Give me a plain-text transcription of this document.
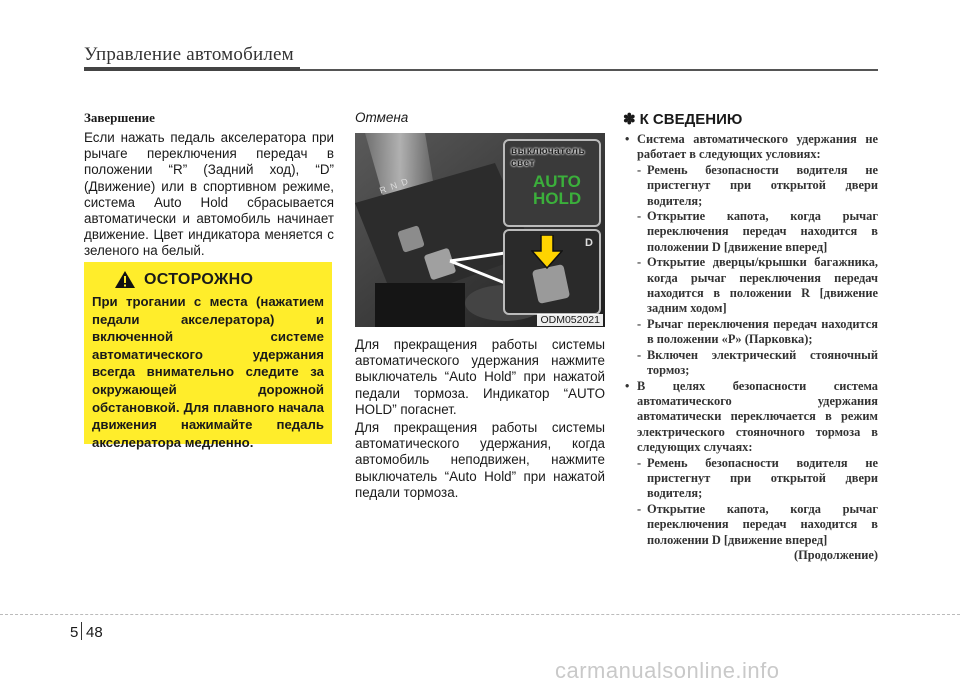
Управление автомобилем
Завершение
Если нажать педаль акселератора при рычаге переключения передач в положении “R” (Задний ход), “D” (Движение) или в спортивном режиме, система Auto Hold сбрасывается автоматически и автомобиль начинает движение. Цвет индикатора меняется с зеленого на белый.
ОСТОРОЖНО
При трогании с места (нажатием педали акселератора) и включенной системе автоматического удержания всегда внимательно следите за окружающей дорожной обстановкой. Для плавного начала движения нажимайте педаль акселератора медленно.
Отмена
R  N  D
выключатель
свет
AUTO
HOLD
D
ODM052021
Для прекращения работы системы автоматического удержания нажмите выключатель “Auto Hold” при нажатой педали тормоза. Индикатор “AUTO HOLD” погаснет.
Для прекращения работы системы автоматического удержания, когда автомобиль неподвижен, нажмите выключатель “Auto Hold” при нажатой педали тормоза.
✽ К СВЕДЕНИЮ
• Система автоматического удержания не работает в следующих условиях:
- Ремень безопасности водителя не пристегнут при открытой двери водителя;
- Открытие капота, когда рычаг переключения передач находится в положении D [движение вперед]
- Открытие дверцы/крышки багажника, когда рычаг переключения передач находится в положении R [движение задним ходом]
- Рычаг переключения передач находится в положении «P» (Парковка);
- Включен электрический стояночный тормоз;
• В целях безопасности система автоматического удержания автоматически переключается в режим электрического стояночного тормоза в следующих случаях:
- Ремень безопасности водителя не пристегнут при открытой двери водителя;
- Открытие капота, когда рычаг переключения передач находится в положении D [движение вперед]
(Продолжение)
5 48
carmanualsonline.info
